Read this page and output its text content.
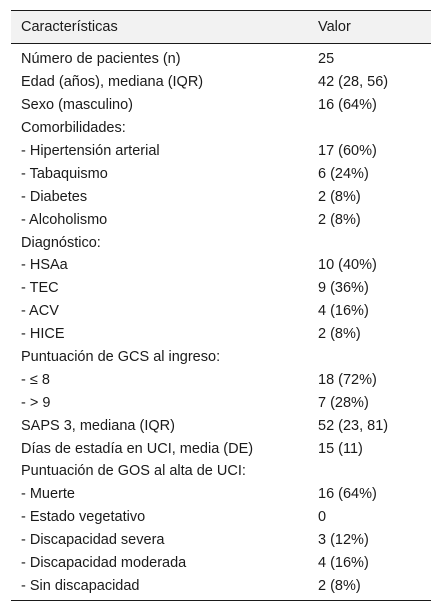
Características	Valor
Número de pacientes (n)	25
Edad (años), mediana (IQR)	42 (28, 56)
Sexo (masculino)	16 (64%)
Comorbilidades:	
- Hipertensión arterial	17 (60%)
- Tabaquismo	6 (24%)
- Diabetes	2 (8%)
- Alcoholismo	2 (8%)
Diagnóstico:	
- HSAa	10 (40%)
- TEC	9 (36%)
- ACV	4 (16%)
- HICE	2 (8%)
Puntuación de GCS al ingreso:	
- ≤ 8	18 (72%)
- > 9	7 (28%)
SAPS 3, mediana (IQR)	52 (23, 81)
Días de estadía en UCI, media (DE)	15 (11)
Puntuación de GOS al alta de UCI:	
- Muerte	16 (64%)
- Estado vegetativo	0
- Discapacidad severa	3 (12%)
- Discapacidad moderada	4 (16%)
- Sin discapacidad	2 (8%)
